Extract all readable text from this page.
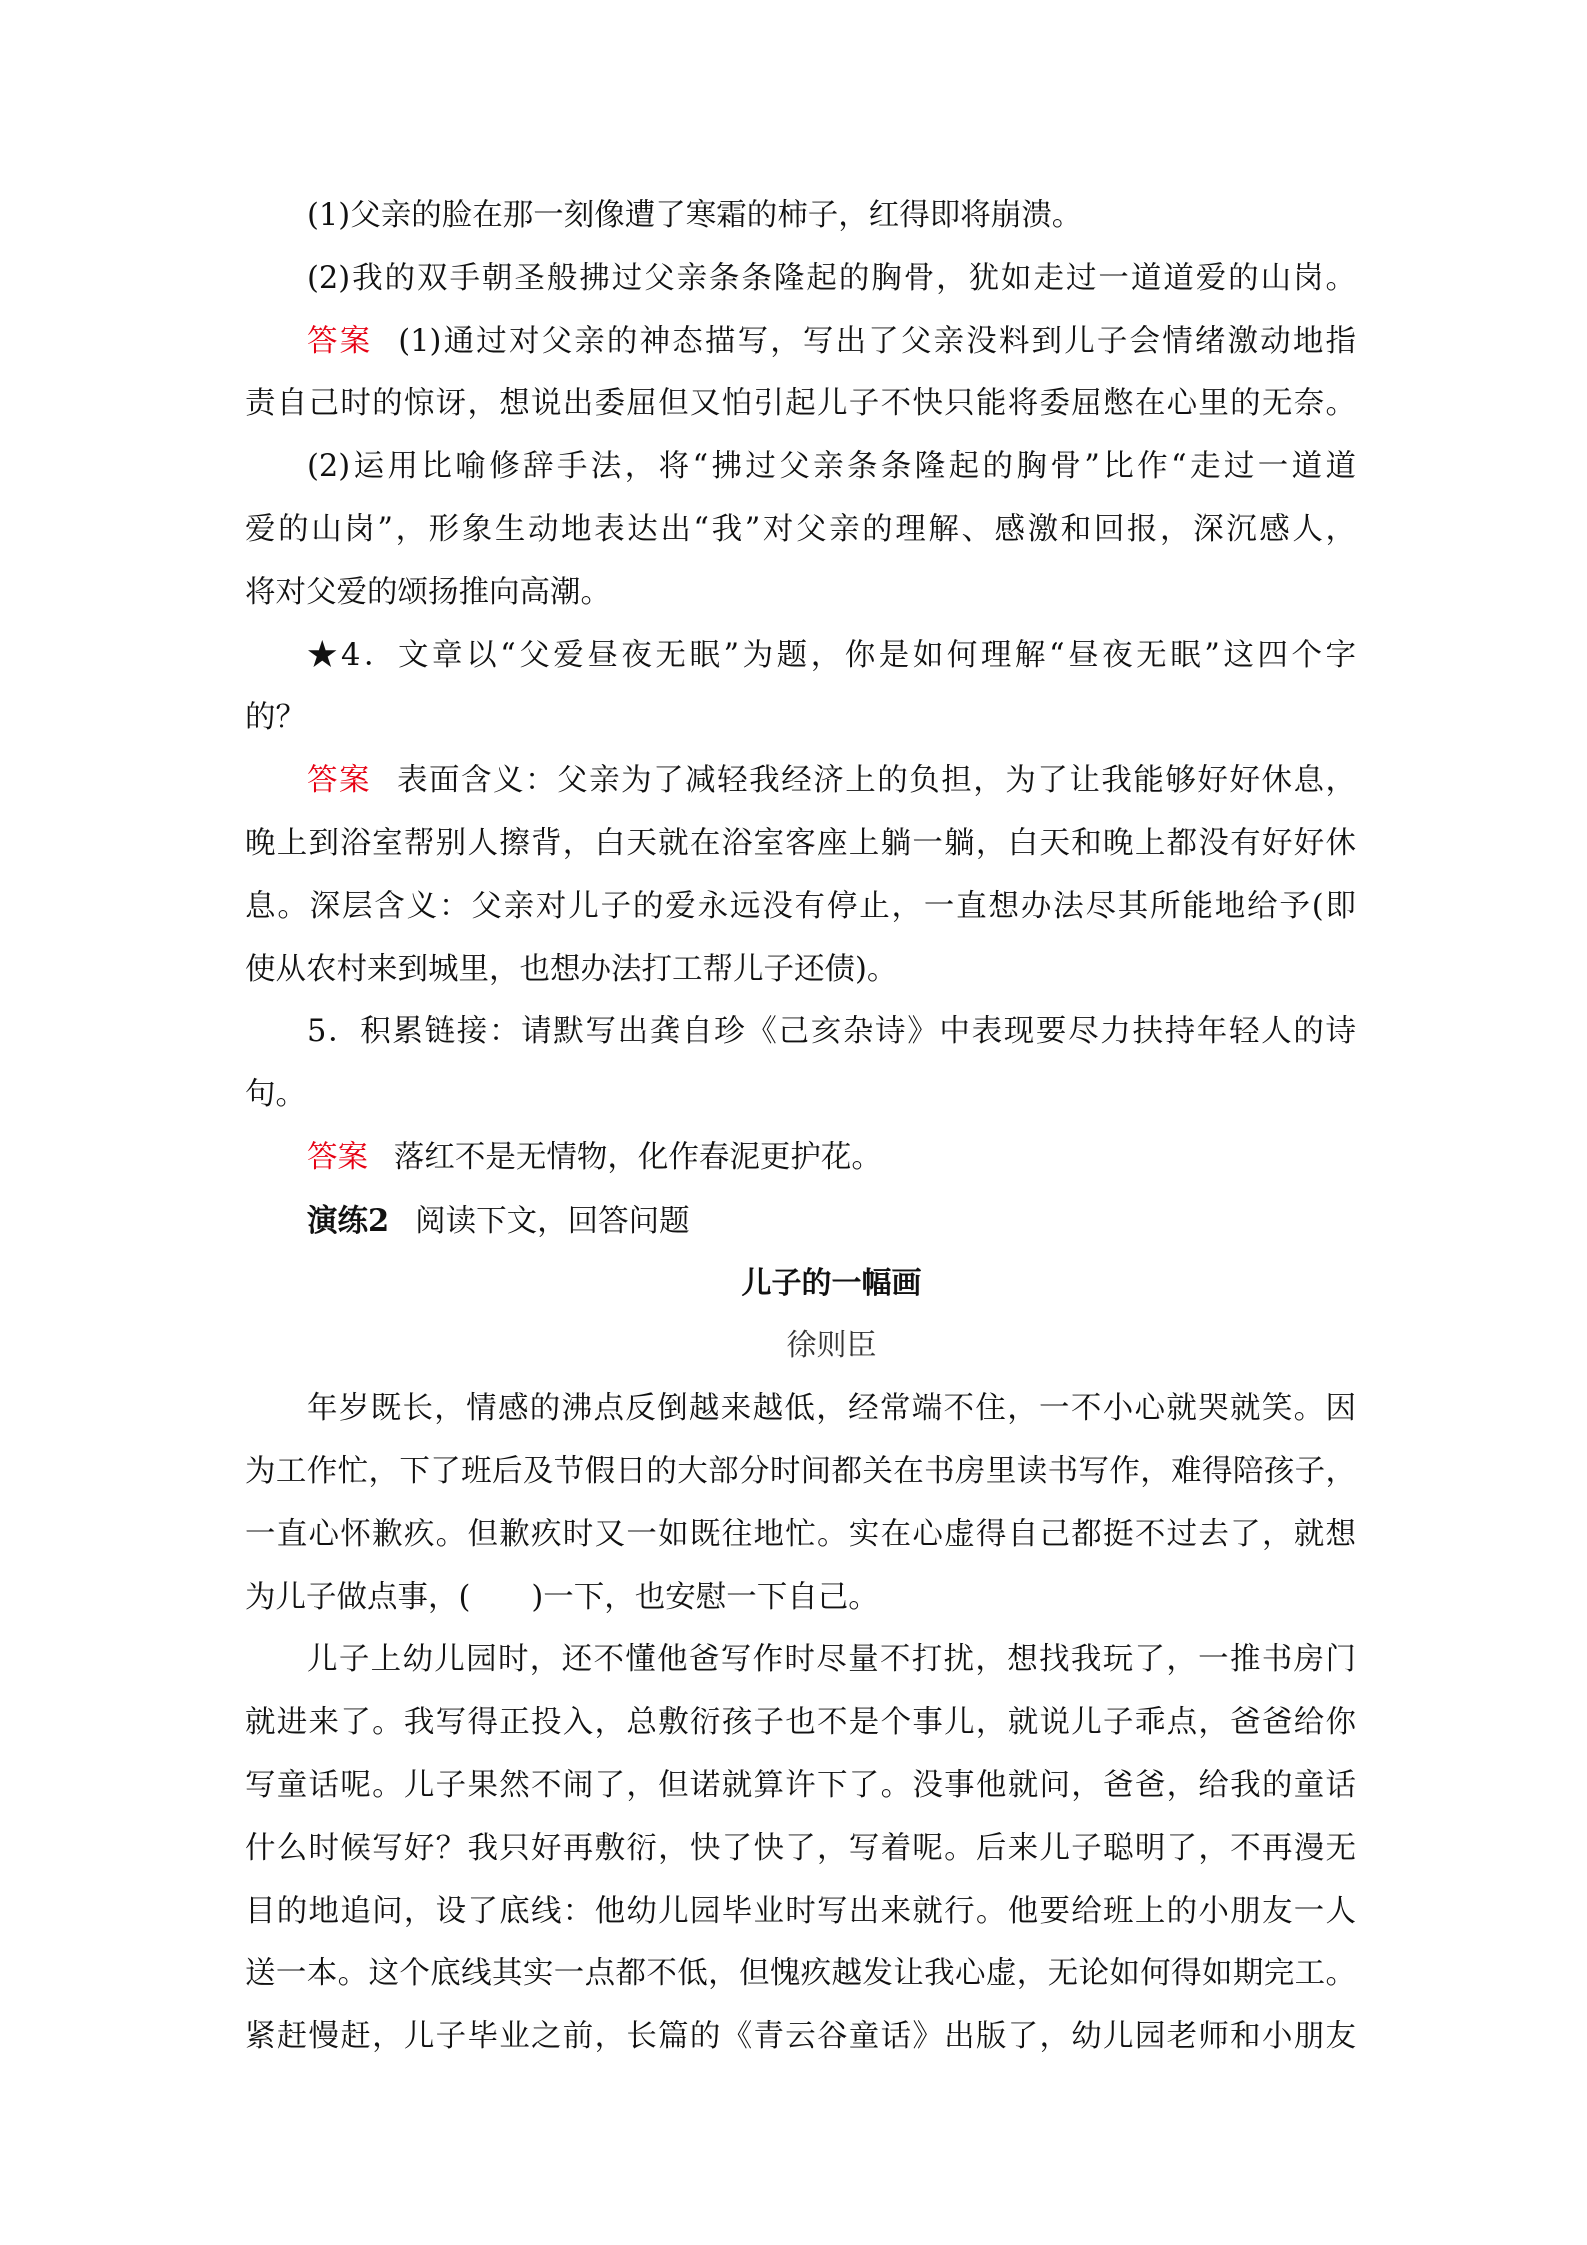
(1)父亲的脸在那一刻像遭了寒霜的柿子，红得即将崩溃。
(2)我的双手朝圣般拂过父亲条条隆起的胸骨，犹如走过一道道爱的山岗。
答案 (1)通过对父亲的神态描写，写出了父亲没料到儿子会情绪激动地指
责自己时的惊讶，想说出委屈但又怕引起儿子不快只能将委屈憋在心里的无奈。
(2)运用比喻修辞手法，将“拂过父亲条条隆起的胸骨”比作“走过一道道
爱的山岗”，形象生动地表达出“我”对父亲的理解、感激和回报，深沉感人，
将对父爱的颂扬推向高潮。
★4．文章以“父爱昼夜无眠”为题，你是如何理解“昼夜无眠”这四个字
的？
答案 表面含义：父亲为了减轻我经济上的负担，为了让我能够好好休息，
晚上到浴室帮别人擦背，白天就在浴室客座上躺一躺，白天和晚上都没有好好休
息。深层含义：父亲对儿子的爱永远没有停止，一直想办法尽其所能地给予(即
使从农村来到城里，也想办法打工帮儿子还债)。
5．积累链接：请默写出龚自珍《己亥杂诗》中表现要尽力扶持年轻人的诗
句。
答案 落红不是无情物，化作春泥更护花。
演练2 阅读下文，回答问题
儿子的一幅画
徐则臣
年岁既长，情感的沸点反倒越来越低，经常端不住，一不小心就哭就笑。因
为工作忙，下了班后及节假日的大部分时间都关在书房里读书写作，难得陪孩子，
一直心怀歉疚。但歉疚时又一如既往地忙。实在心虚得自己都挺不过去了，就想
为儿子做点事，(　　)一下，也安慰一下自己。
儿子上幼儿园时，还不懂他爸写作时尽量不打扰，想找我玩了，一推书房门
就进来了。我写得正投入，总敷衍孩子也不是个事儿，就说儿子乖点，爸爸给你
写童话呢。儿子果然不闹了，但诺就算许下了。没事他就问，爸爸，给我的童话
什么时候写好？我只好再敷衍，快了快了，写着呢。后来儿子聪明了，不再漫无
目的地追问，设了底线：他幼儿园毕业时写出来就行。他要给班上的小朋友一人
送一本。这个底线其实一点都不低，但愧疚越发让我心虚，无论如何得如期完工。
紧赶慢赶，儿子毕业之前，长篇的《青云谷童话》出版了，幼儿园老师和小朋友
